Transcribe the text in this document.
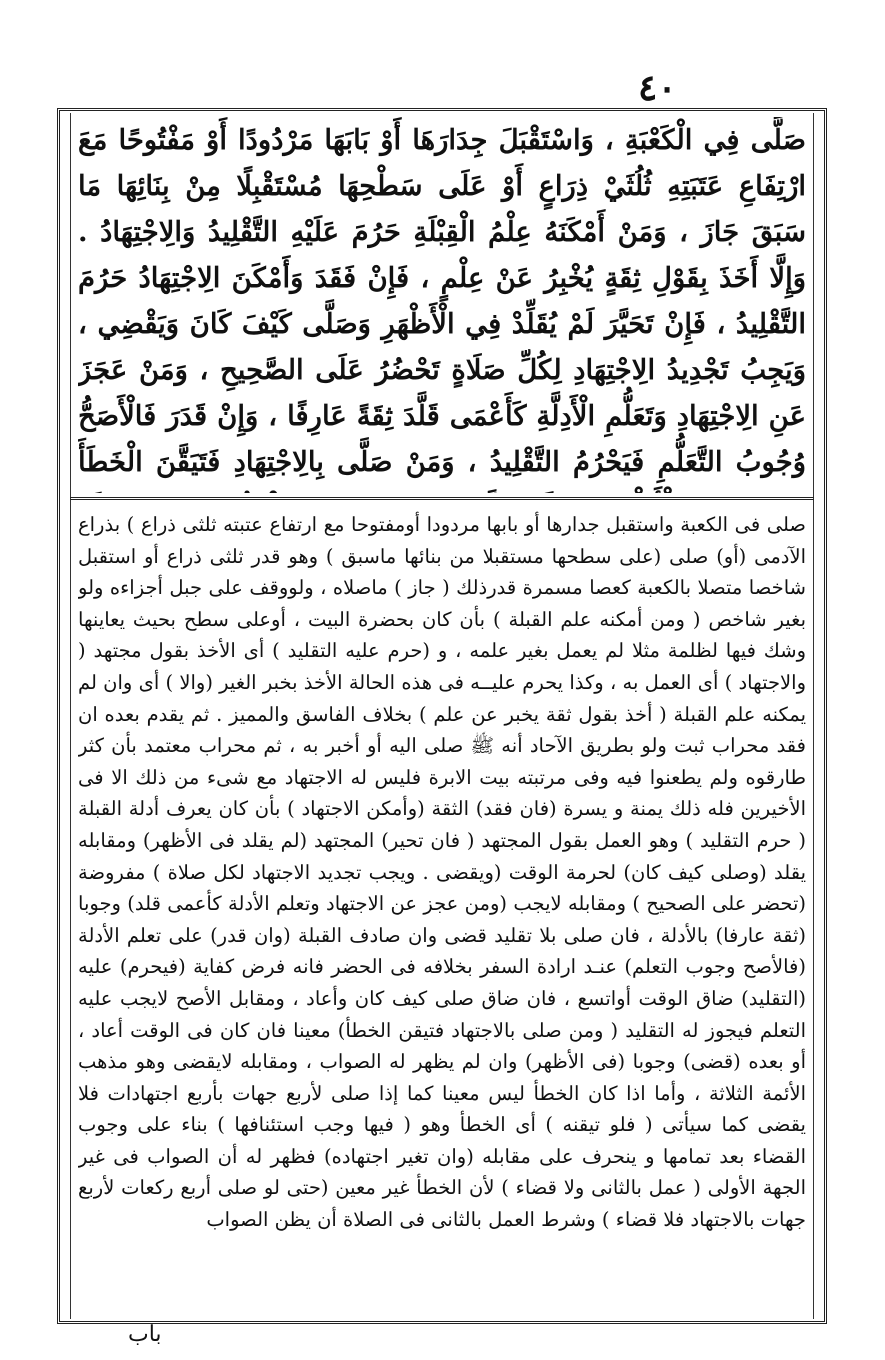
٤٠
صَلَّى فِي الْكَعْبَةِ ، وَاسْتَقْبَلَ جِدَارَهَا أَوْ بَابَهَا مَرْدُودًا أَوْ مَفْتُوحًا مَعَ ارْتِفَاعِ عَتَبَتِهِ ثُلُثَيْ ذِرَاعٍ أَوْ عَلَى سَطْحِهَا مُسْتَقْبِلًا مِنْ بِنَائِهَا مَا سَبَقَ جَازَ ، وَمَنْ أَمْكَنَهُ عِلْمُ الْقِبْلَةِ حَرُمَ عَلَيْهِ التَّقْلِيدُ وَالِاجْتِهَادُ . وَإِلَّا أَخَذَ بِقَوْلِ ثِقَةٍ يُخْبِرُ عَنْ عِلْمٍ ، فَإِنْ فَقَدَ وَأَمْكَنَ الِاجْتِهَادُ حَرُمَ التَّقْلِيدُ ، فَإِنْ تَحَيَّرَ لَمْ يُقَلِّدْ فِي الْأَظْهَرِ وَصَلَّى كَيْفَ كَانَ وَيَقْضِي ، وَيَجِبُ تَجْدِيدُ الِاجْتِهَادِ لِكُلِّ صَلَاةٍ تَحْضُرُ عَلَى الصَّحِيحِ ، وَمَنْ عَجَزَ عَنِ الِاجْتِهَادِ وَتَعَلُّمِ الْأَدِلَّةِ كَأَعْمَى قَلَّدَ ثِقَةً عَارِفًا ، وَإِنْ قَدَرَ فَالْأَصَحُّ وُجُوبُ التَّعَلُّمِ فَيَحْرُمُ التَّقْلِيدُ ، وَمَنْ صَلَّى بِالِاجْتِهَادِ فَتَيَقَّنَ الْخَطَأَ
صلى فى الكعبة واستقبل جدارها أو بابها مردودا أومفتوحا مع ارتفاع عتبته ثلثى ذراع ) بذراع الآدمى (أو) صلى (على سطحها مستقبلا من بنائها ماسبق ) وهو قدر ثلثى ذراع أو استقبل شاخصا متصلا بالكعبة كعصا مسمرة قدرذلك ( جاز ) ماصلاه ، ولووقف على جبل أجزاءه ولو بغير شاخص ( ومن أمكنه علم القبلة ) بأن كان بحضرة البيت ، أوعلى سطح بحيث يعاينها وشك فيها لظلمة مثلا لم يعمل بغير علمه ، و (حرم عليه التقليد ) أى الأخذ بقول مجتهد ( والاجتهاد ) أى العمل به ، وكذا يحرم عليــه فى هذه الحالة الأخذ بخبر الغير (والا ) أى وان لم يمكنه علم القبلة ( أخذ بقول ثقة يخبر عن علم ) بخلاف الفاسق والمميز . ثم يقدم بعده ان فقد محراب ثبت ولو بطريق الآحاد أنه ﷺ صلى اليه أو أخبر به ، ثم محراب معتمد بأن كثر طارقوه ولم يطعنوا فيه وفى مرتبته بيت الابرة فليس له الاجتهاد مع شىء من ذلك الا فى الأخيرين فله ذلك يمنة و يسرة (فان فقد) الثقة (وأمكن الاجتهاد ) بأن كان يعرف أدلة القبلة ( حرم التقليد ) وهو العمل بقول المجتهد ( فان تحير) المجتهد (لم يقلد فى الأظهر) ومقابله يقلد (وصلى كيف كان) لحرمة الوقت (ويقضى . ويجب تجديد الاجتهاد لكل صلاة ) مفروضة (تحضر على الصحيح ) ومقابله لايجب (ومن عجز عن الاجتهاد وتعلم الأدلة كأعمى قلد) وجوبا (ثقة عارفا) بالأدلة ، فان صلى بلا تقليد قضى وان صادف القبلة (وان قدر) على تعلم الأدلة (فالأصح وجوب التعلم) عنـد ارادة السفر بخلافه فى الحضر فانه فرض كفاية (فيحرم) عليه (التقليد) ضاق الوقت أواتسع ، فان ضاق صلى كيف كان وأعاد ، ومقابل الأصح لايجب عليه التعلم فيجوز له التقليد ( ومن صلى بالاجتهاد فتيقن الخطأ) معينا فان كان فى الوقت أعاد ، أو بعده (قضى) وجوبا (فى الأظهر) وان لم يظهر له الصواب ، ومقابله لايقضى وهو مذهب الأئمة الثلاثة ، وأما اذا كان الخطأ ليس معينا كما إذا صلى لأربع جهات بأربع اجتهادات فلا يقضى كما سيأتى ( فلو تيقنه ) أى الخطأ وهو ( فيها وجب استئنافها ) بناء على وجوب القضاء بعد تمامها و ينحرف على مقابله (وان تغير اجتهاده) فظهر له أن الصواب فى غير الجهة الأولى ( عمل بالثانى ولا قضاء ) لأن الخطأ غير معين (حتى لو صلى أربع ركعات لأربع جهات بالاجتهاد فلا قضاء ) وشرط العمل بالثانى فى الصلاة أن يظن الصواب
باب
